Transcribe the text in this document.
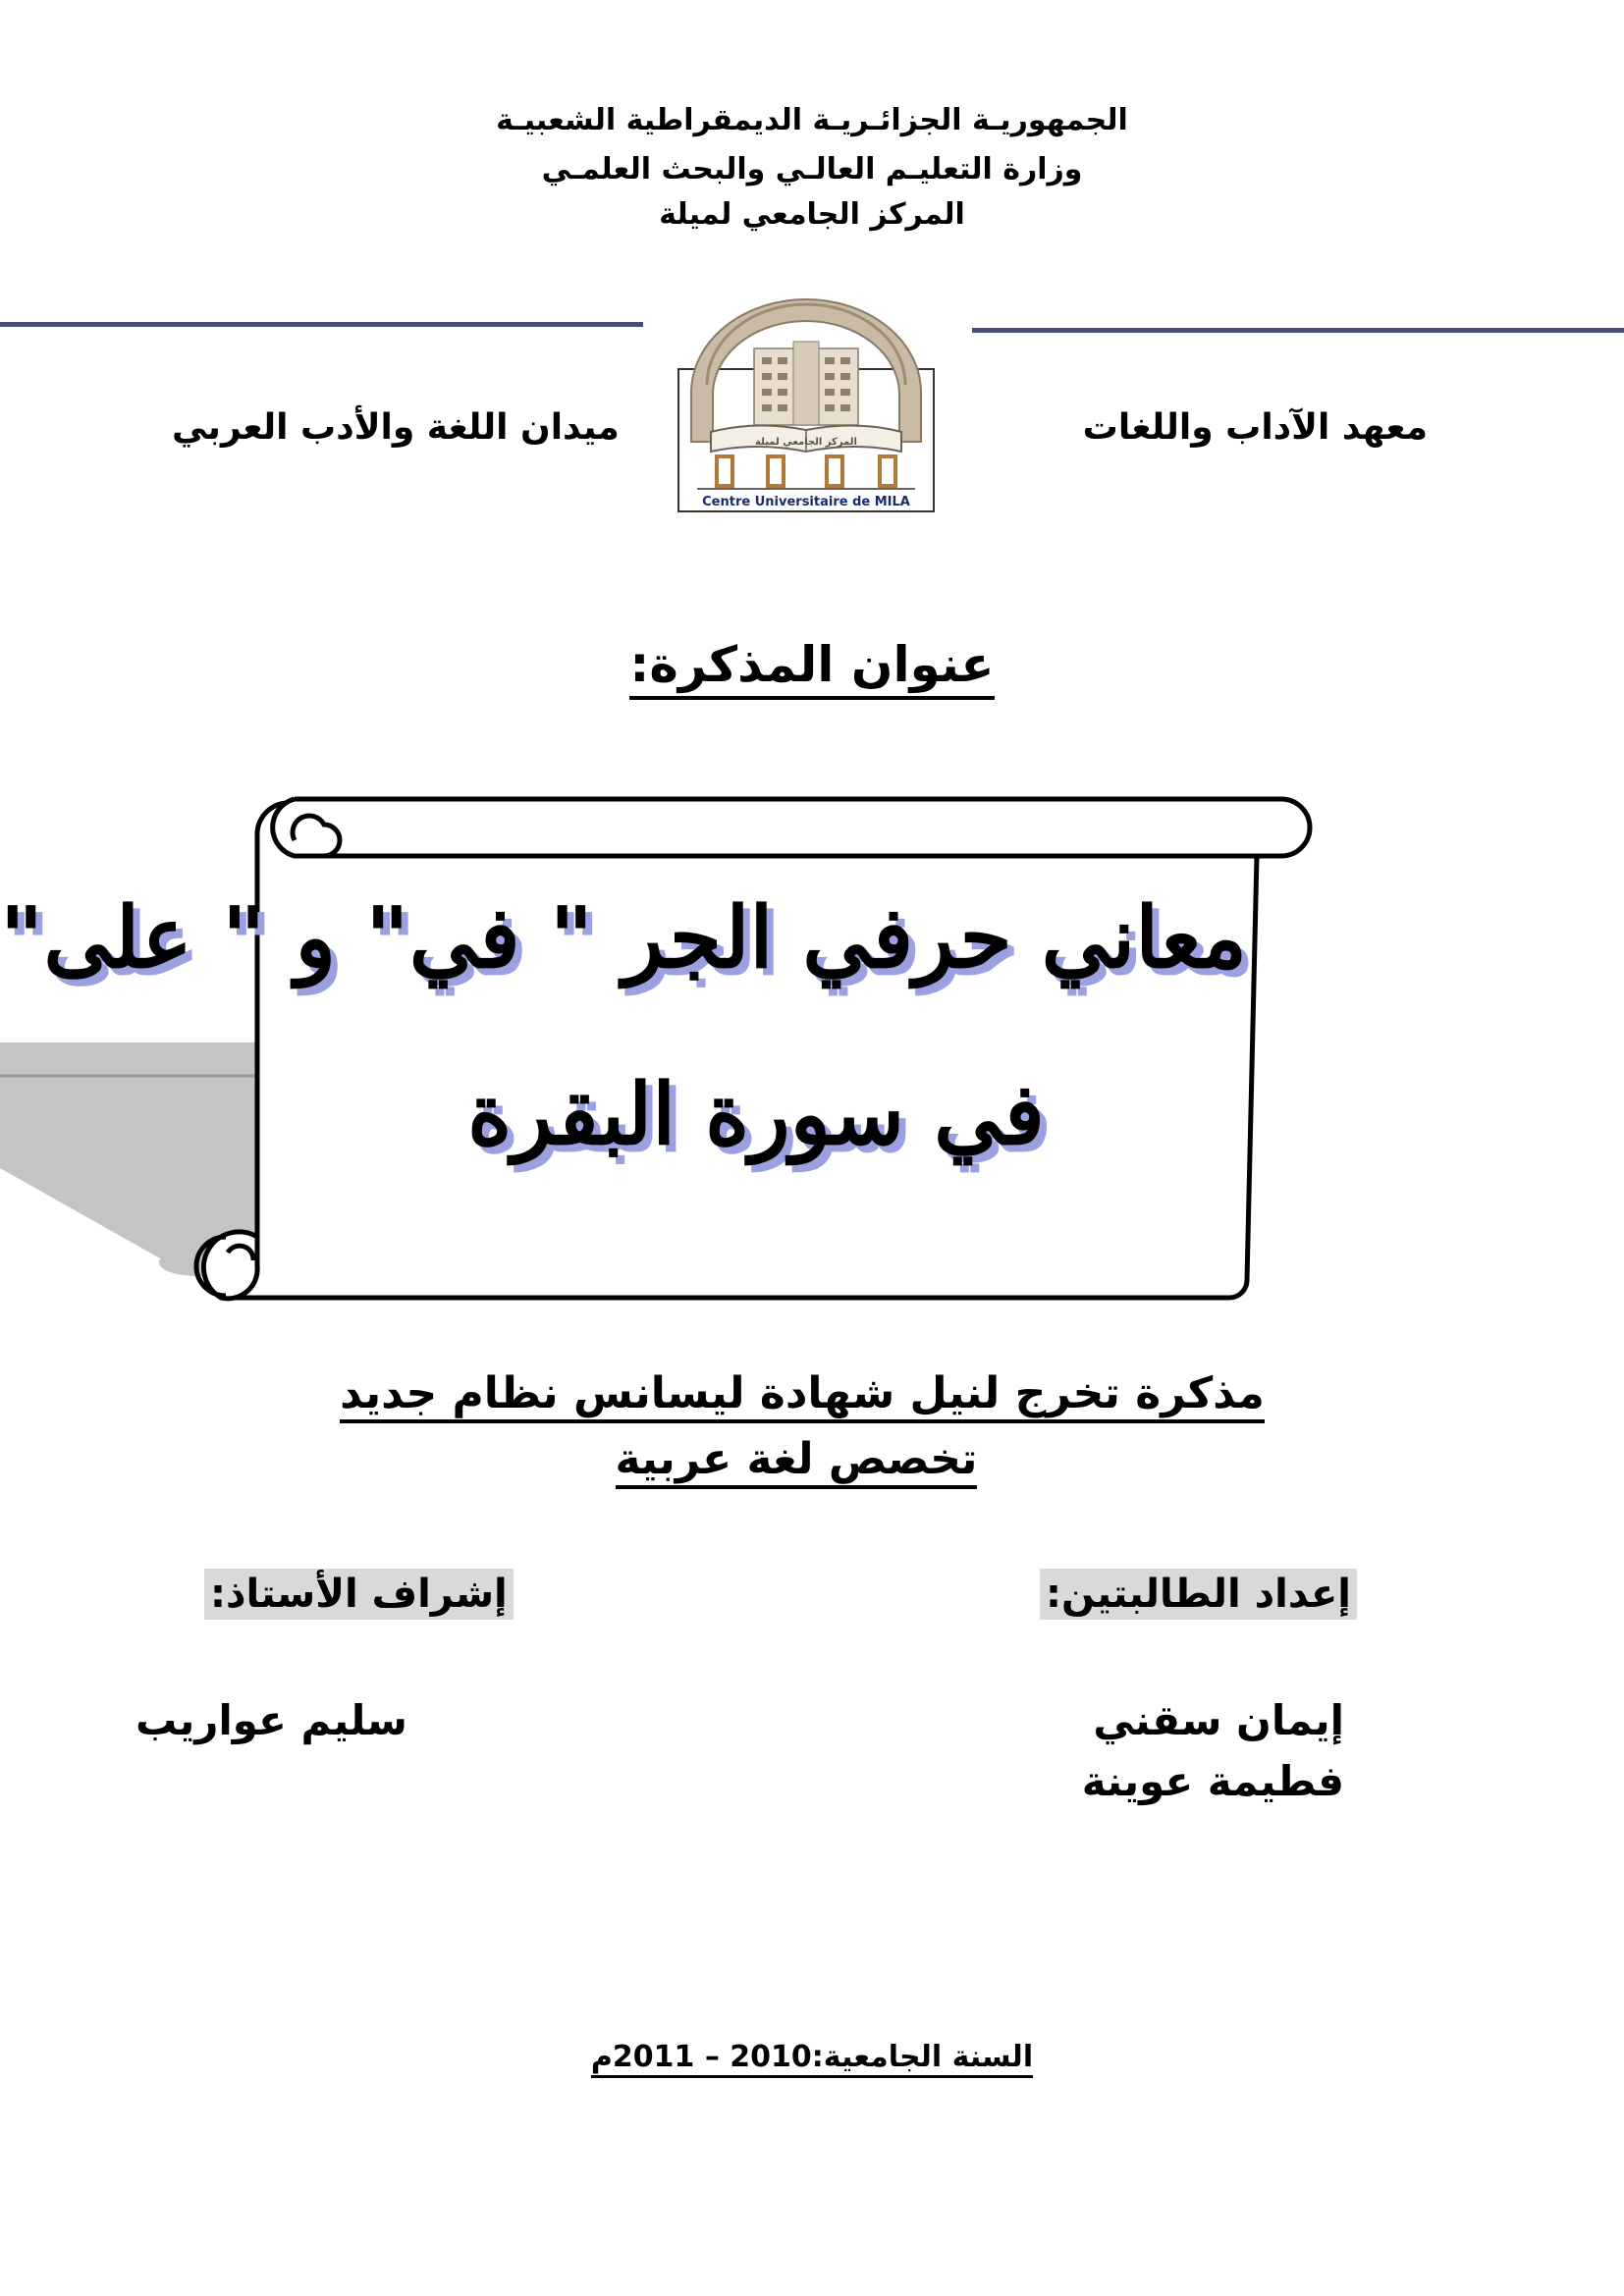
الجمهوريـة الجزائـريـة الديمقراطية الشعبيـة
وزارة التعليـم العالـي والبحث العلمـي
المركز الجامعي لميلة
معهد الآداب واللغات
ميدان اللغة والأدب العربي	المركز الجامعي لميلة
Centre Universitaire de MILA
عنوان المذكرة:
معاني حرفي الجر " في" و " على"
في سورة البقرة
مذكرة تخرج لنيل شهادة ليسانس نظام جديد
تخصص لغة عربية
إعداد الطالبتين:
إيمان سقني
فطيمة عوينة
إشراف الأستاذ:
سليم عواريب
السنة الجامعية:2010 – 2011م
